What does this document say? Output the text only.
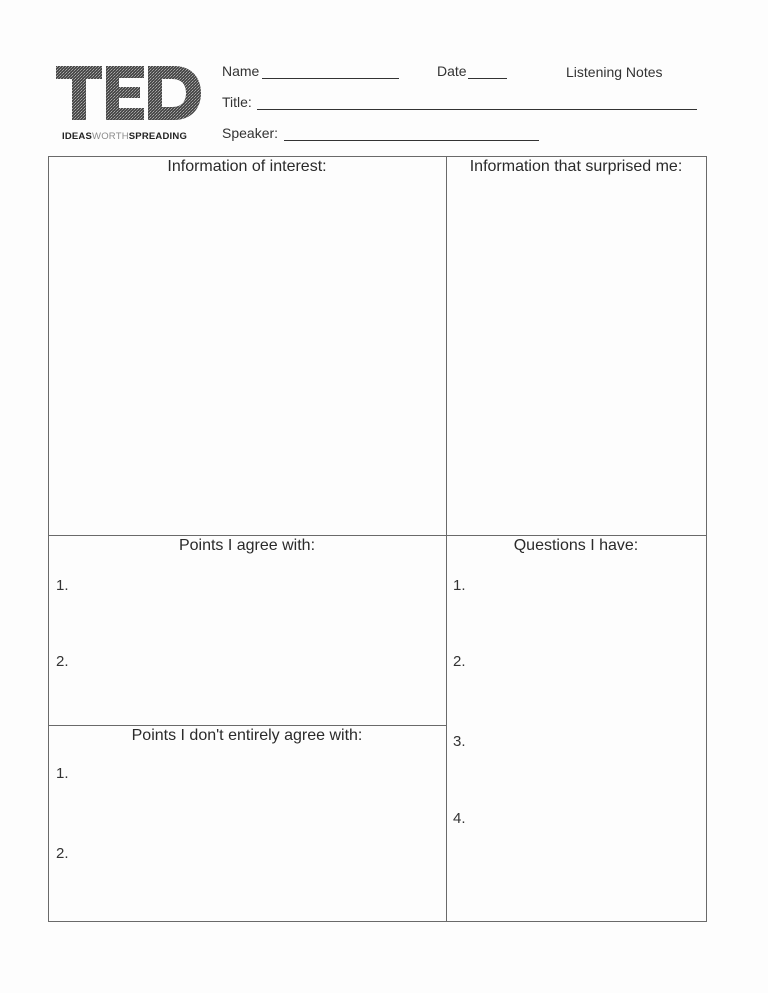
IDEASWORTHSPREADING
Name	Date	Listening Notes
Title:
Speaker:
Information of interest:	Information that surprised me:
Points I agree with:
1.
2.
Questions I have:
1.
2.
3.
4.
Points I don't entirely agree with:
1.
2.
